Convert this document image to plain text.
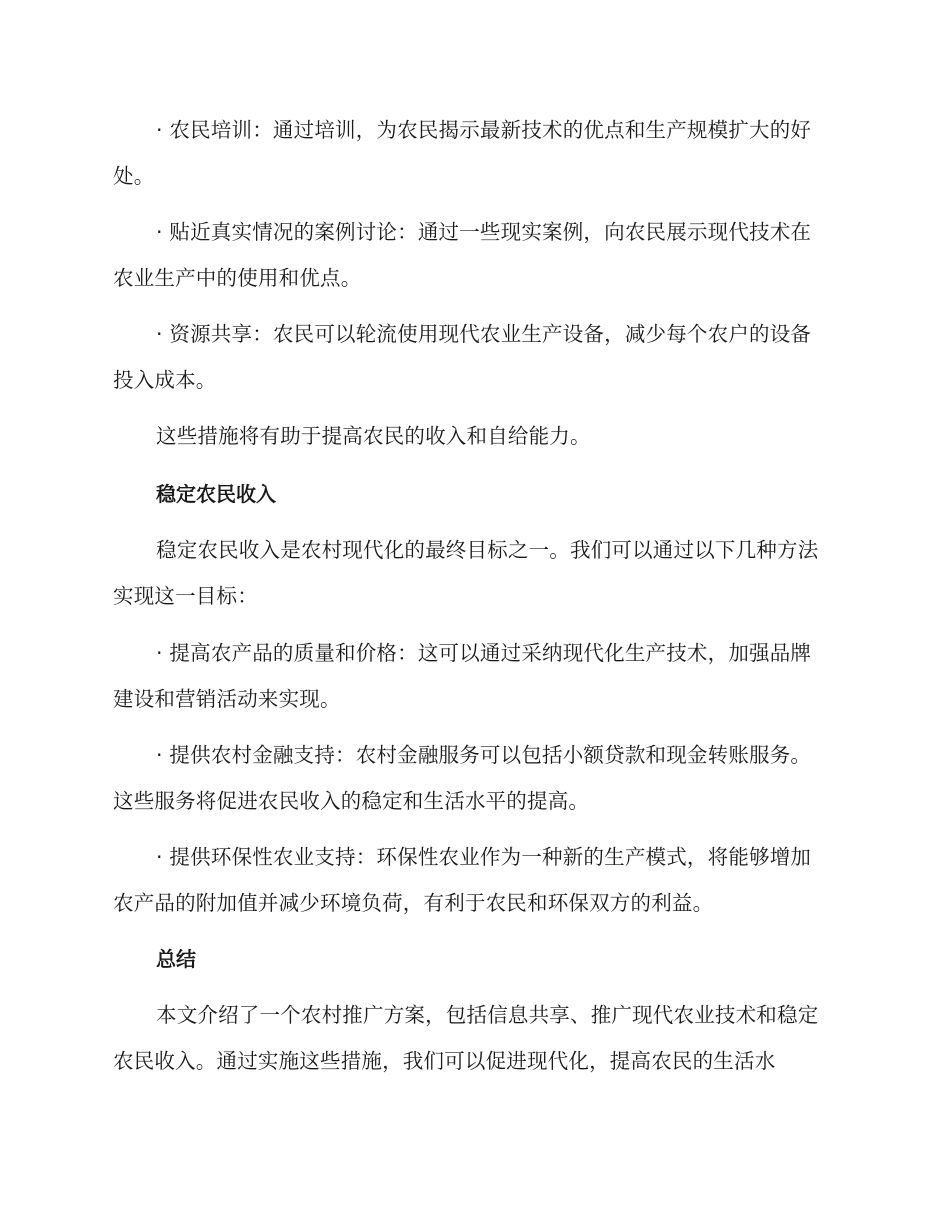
· 农民培训：通过培训，为农民揭示最新技术的优点和生产规模扩大的好处。

· 贴近真实情况的案例讨论：通过一些现实案例，向农民展示现代技术在农业生产中的使用和优点。

· 资源共享：农民可以轮流使用现代农业生产设备，减少每个农户的设备投入成本。

这些措施将有助于提高农民的收入和自给能力。

稳定农民收入

稳定农民收入是农村现代化的最终目标之一。我们可以通过以下几种方法实现这一目标：

· 提高农产品的质量和价格：这可以通过采纳现代化生产技术，加强品牌建设和营销活动来实现。

· 提供农村金融支持：农村金融服务可以包括小额贷款和现金转账服务。这些服务将促进农民收入的稳定和生活水平的提高。

· 提供环保性农业支持：环保性农业作为一种新的生产模式，将能够增加农产品的附加值并减少环境负荷，有利于农民和环保双方的利益。

总结

本文介绍了一个农村推广方案，包括信息共享、推广现代农业技术和稳定农民收入。通过实施这些措施，我们可以促进现代化，提高农民的生活水
